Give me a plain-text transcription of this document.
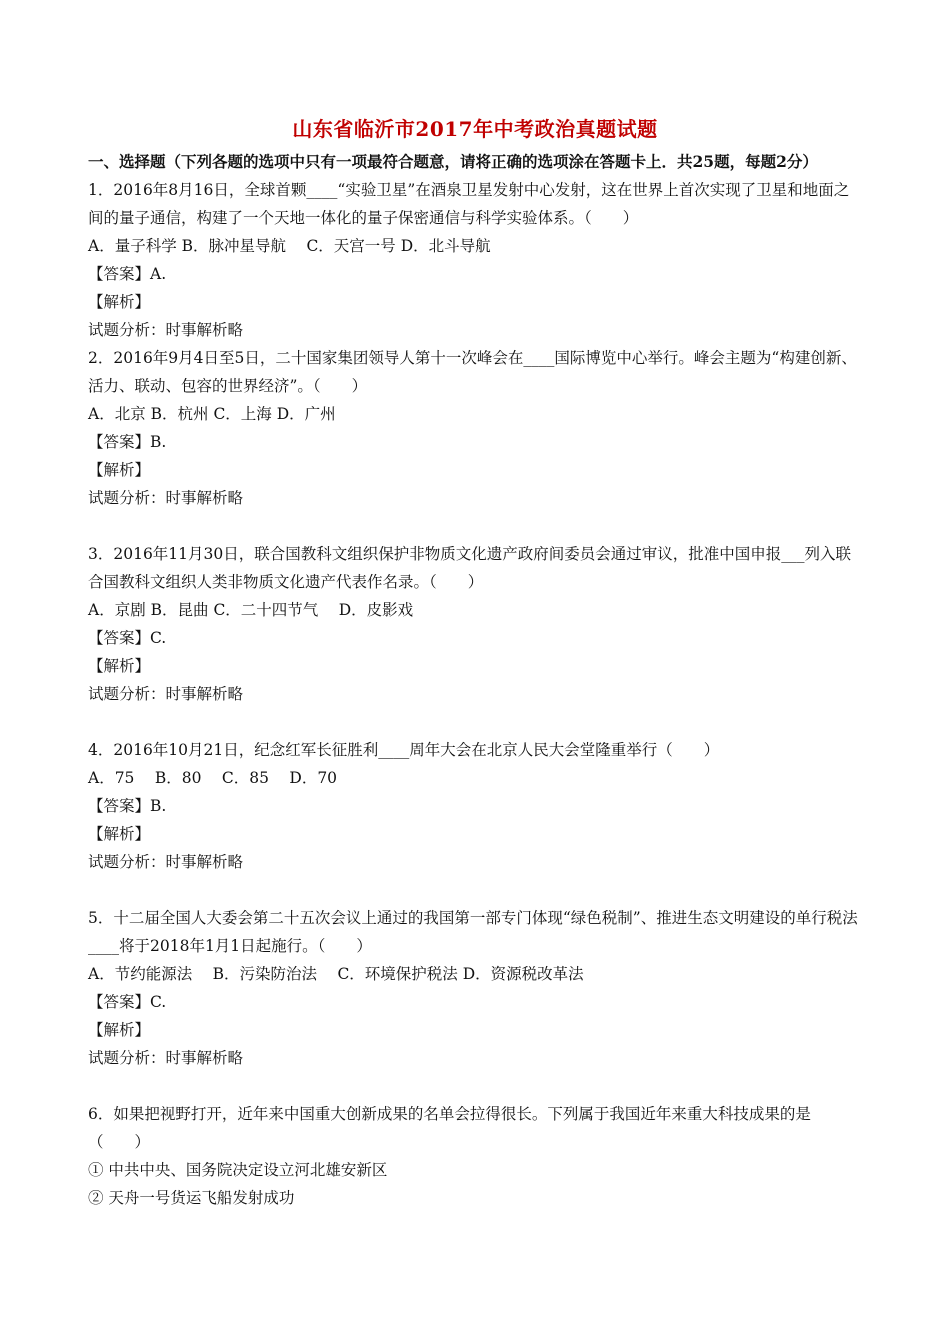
山东省临沂市2017年中考政治真题试题
一、选择题（下列各题的选项中只有一项最符合题意，请将正确的选项涂在答题卡上．共25题，每题2分）
1．2016年8月16日，全球首颗____“实验卫星”在酒泉卫星发射中心发射，这在世界上首次实现了卫星和地面之间的量子通信，构建了一个天地一体化的量子保密通信与科学实验体系。（　　）
A．量子科学 B．脉冲星导航　 C．天宫一号 D．北斗导航
【答案】A.
【解析】
试题分析：时事解析略
2．2016年9月4日至5日，二十国家集团领导人第十一次峰会在____国际博览中心举行。峰会主题为“构建创新、活力、联动、包容的世界经济”。（　　）
A．北京 B．杭州 C．上海 D．广州
【答案】B.
【解析】
试题分析：时事解析略
3．2016年11月30日，联合国教科文组织保护非物质文化遗产政府间委员会通过审议，批准中国申报___列入联合国教科文组织人类非物质文化遗产代表作名录。（　　）
A．京剧 B．昆曲 C．二十四节气　 D．皮影戏
【答案】C.
【解析】
试题分析：时事解析略
4．2016年10月21日，纪念红军长征胜利____周年大会在北京人民大会堂隆重举行（　　）
A．75　 B．80　 C．85　 D．70
【答案】B.
【解析】
试题分析：时事解析略
5．十二届全国人大委会第二十五次会议上通过的我国第一部专门体现“绿色税制”、推进生态文明建设的单行税法____将于2018年1月1日起施行。（　　）
A．节约能源法　 B．污染防治法　 C．环境保护税法 D．资源税改革法
【答案】C.
【解析】
试题分析：时事解析略
6．如果把视野打开，近年来中国重大创新成果的名单会拉得很长。下列属于我国近年来重大科技成果的是（　　）
① 中共中央、国务院决定设立河北雄安新区
② 天舟一号货运飞船发射成功
